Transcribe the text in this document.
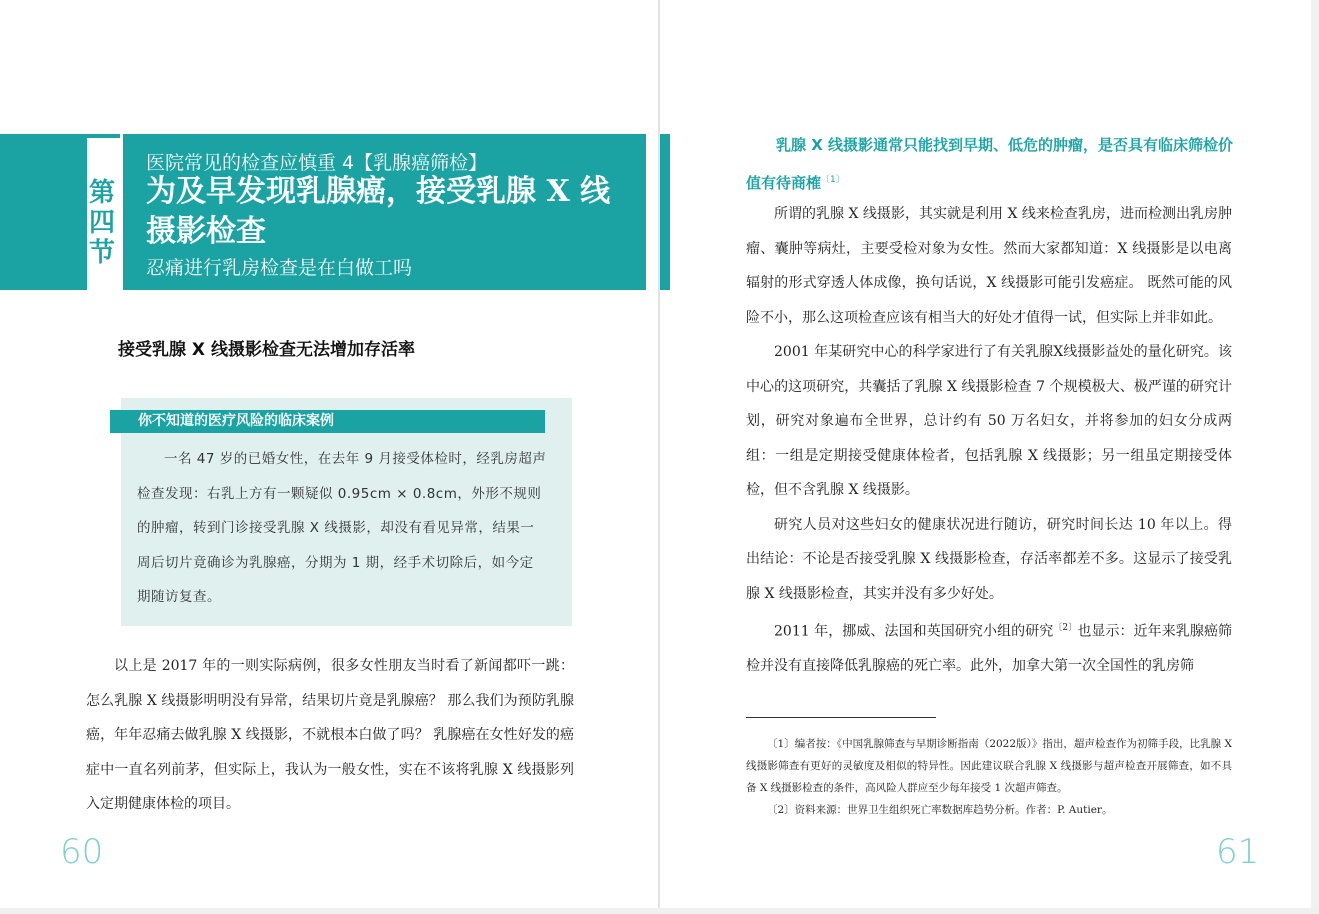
第
四
节
医院常见的检查应慎重 4【乳腺癌筛检】
为及早发现乳腺癌，接受乳腺 X 线摄影检查
忍痛进行乳房检查是在白做工吗
接受乳腺 X 线摄影检查无法增加存活率
你不知道的医疗风险的临床案例
一名 47 岁的已婚女性，在去年 9 月接受体检时，经乳房超声检查发现：右乳上方有一颗疑似 0.95cm × 0.8cm，外形不规则的肿瘤，转到门诊接受乳腺 X 线摄影，却没有看见异常，结果一周后切片竟确诊为乳腺癌，分期为 1 期，经手术切除后，如今定期随访复查。

以上是 2017 年的一则实际病例，很多女性朋友当时看了新闻都吓一跳：怎么乳腺 X 线摄影明明没有异常，结果切片竟是乳腺癌？ 那么我们为预防乳腺癌，年年忍痛去做乳腺 X 线摄影，不就根本白做了吗？ 乳腺癌在女性好发的癌症中一直名列前茅，但实际上，我认为一般女性，实在不该将乳腺 X 线摄影列入定期健康体检的项目。

60
乳腺 X 线摄影通常只能找到早期、低危的肿瘤，是否具有临床筛检价值有待商榷$^{〔1〕}$

所谓的乳腺 X 线摄影，其实就是利用 X 线来检查乳房，进而检测出乳房肿瘤、囊肿等病灶，主要受检对象为女性。然而大家都知道：X 线摄影是以电离辐射的形式穿透人体成像，换句话说，X 线摄影可能引发癌症。 既然可能的风险不小，那么这项检查应该有相当大的好处才值得一试，但实际上并非如此。

2001 年某研究中心的科学家进行了有关乳腺X线摄影益处的量化研究。该中心的这项研究，共囊括了乳腺 X 线摄影检查 7 个规模极大、极严谨的研究计划，研究对象遍布全世界，总计约有 50 万名妇女，并将参加的妇女分成两组：一组是定期接受健康体检者，包括乳腺 X 线摄影；另一组虽定期接受体检，但不含乳腺 X 线摄影。

研究人员对这些妇女的健康状况进行随访，研究时间长达 10 年以上。得出结论：不论是否接受乳腺 X 线摄影检查，存活率都差不多。这显示了接受乳腺 X 线摄影检查，其实并没有多少好处。

2011 年，挪威、法国和英国研究小组的研究$^{〔2〕}$也显示：近年来乳腺癌筛检并没有直接降低乳腺癌的死亡率。此外，加拿大第一次全国性的乳房筛

〔1〕编者按：《中国乳腺筛查与早期诊断指南（2022版）》指出，超声检查作为初筛手段，比乳腺 X 线摄影筛查有更好的灵敏度及相似的特异性。因此建议联合乳腺 X 线摄影与超声检查开展筛查，如不具备 X 线摄影检查的条件，高风险人群应至少每年接受 1 次超声筛查。

〔2〕资料来源：世界卫生组织死亡率数据库趋势分析。作者：P. Autier。

61
